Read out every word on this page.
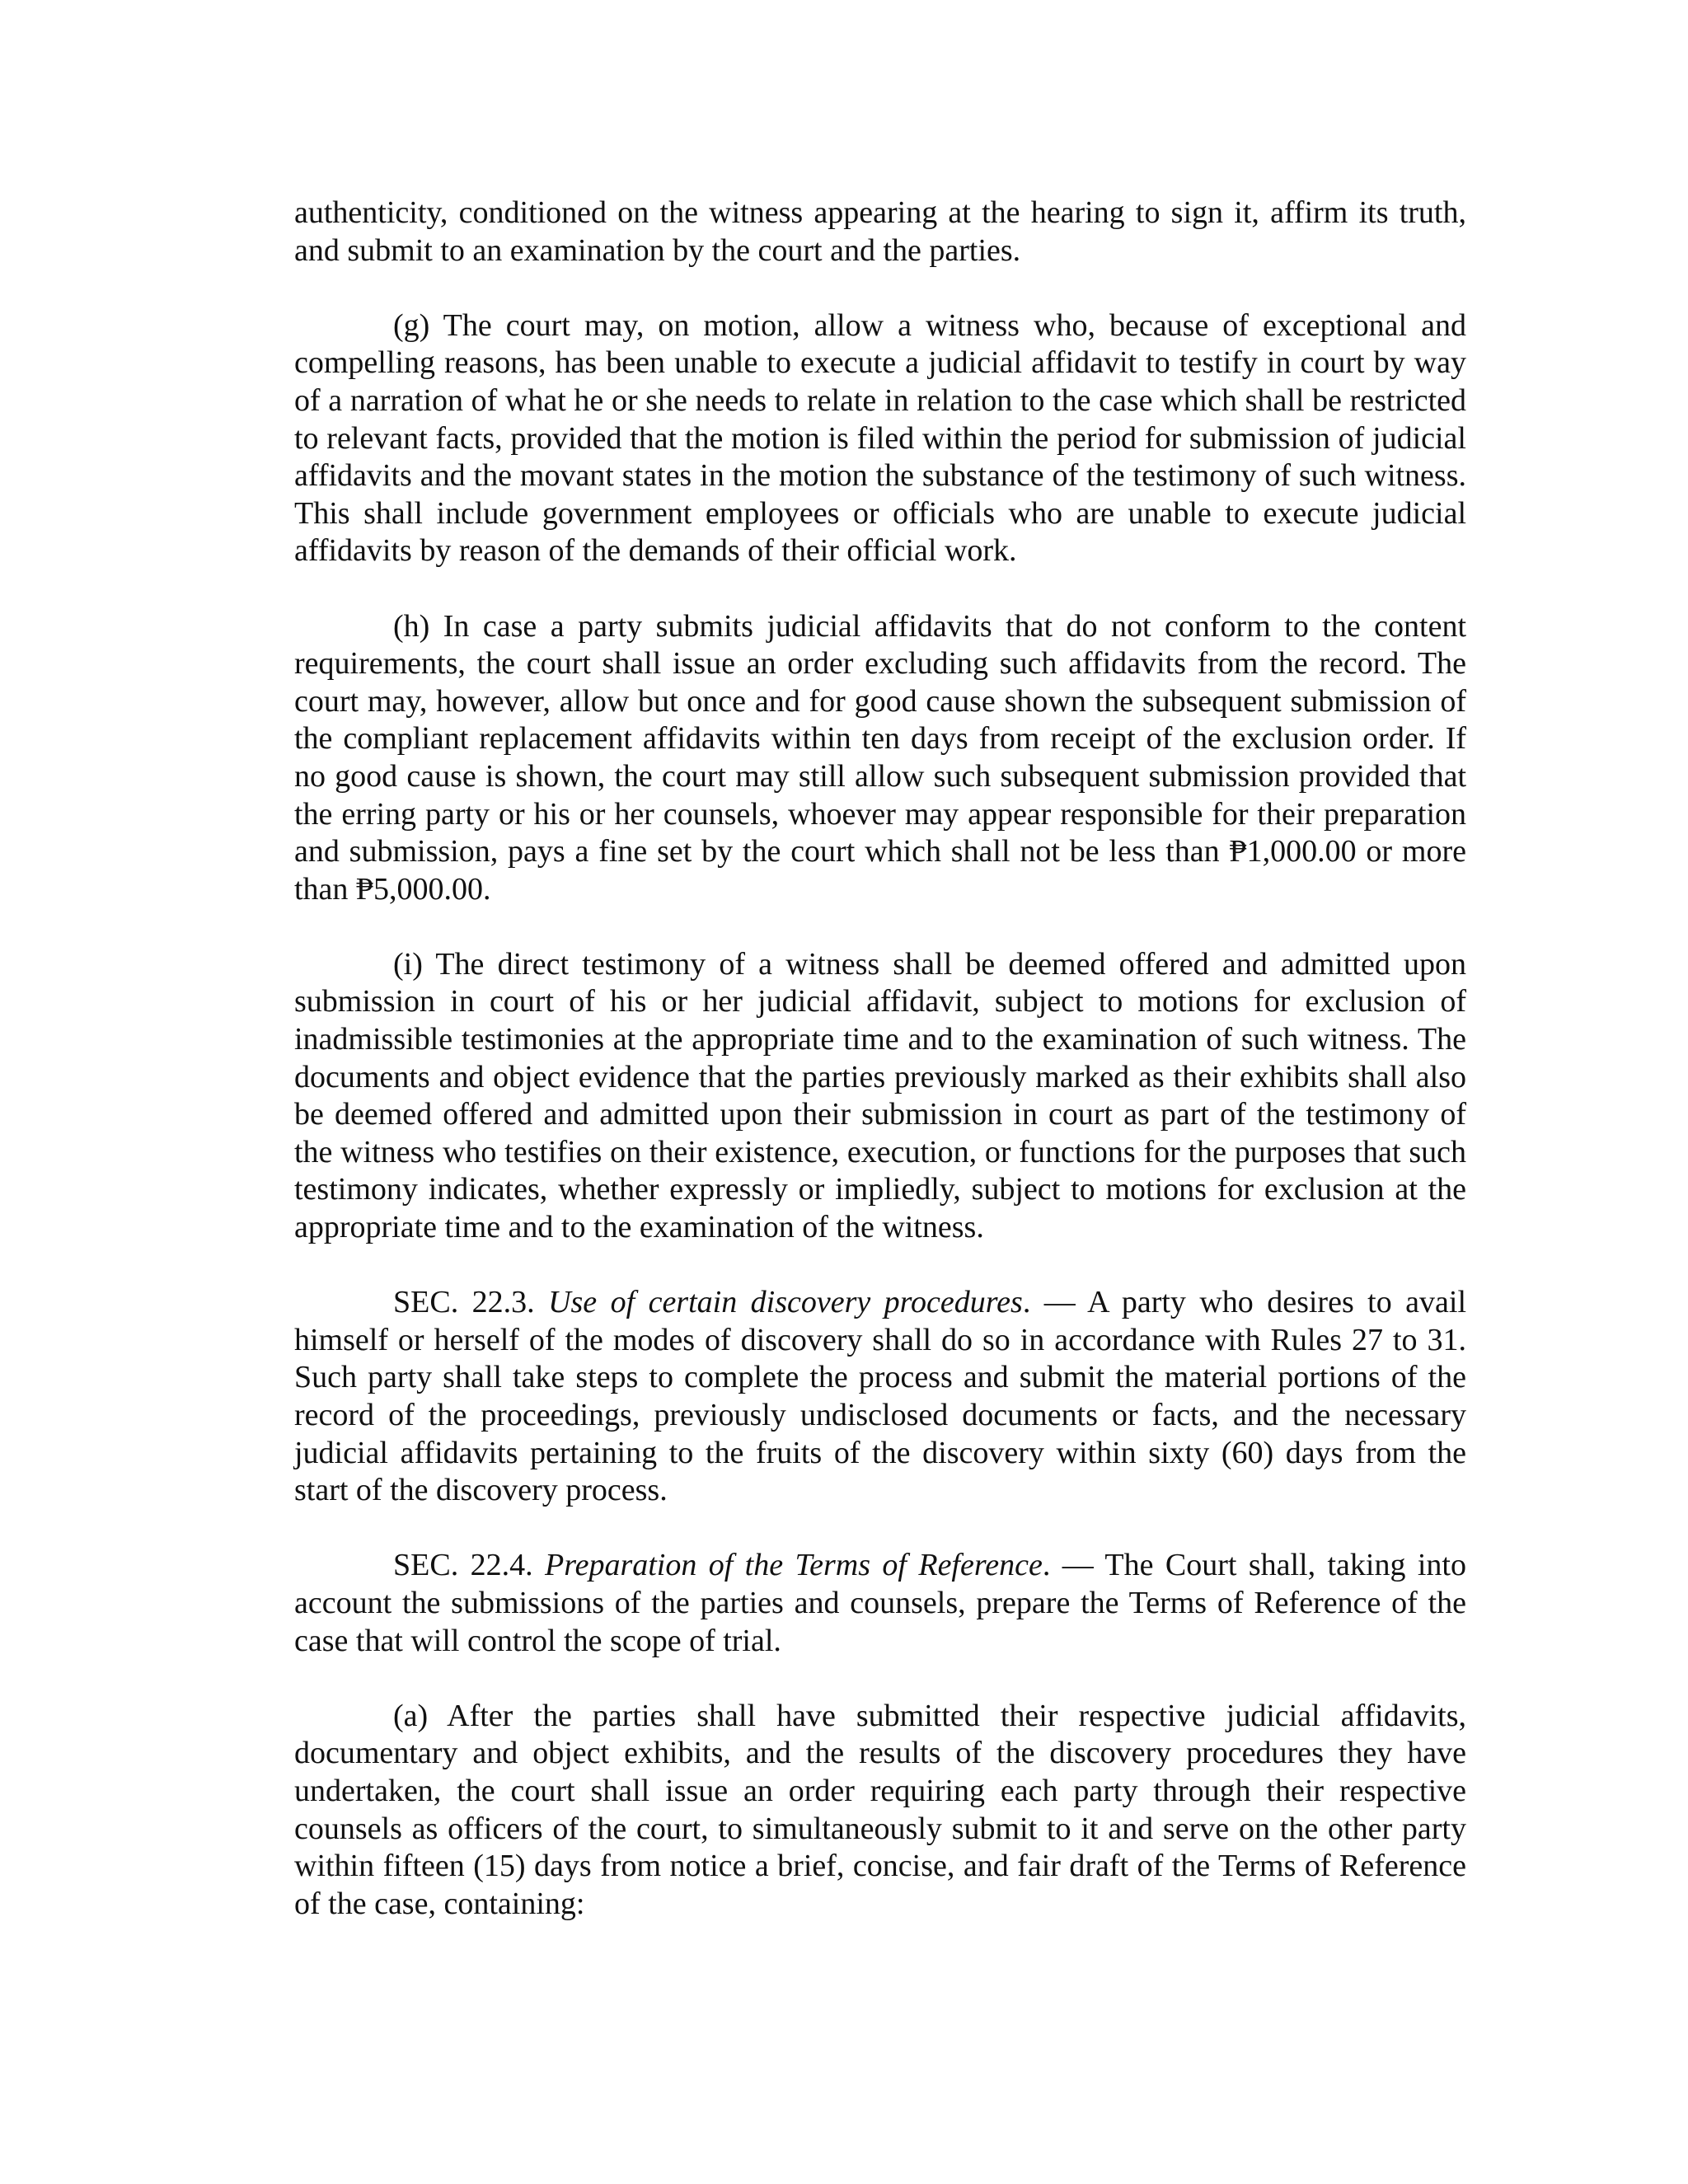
authenticity, conditioned on the witness appearing at the hearing to sign it, affirm its truth, and submit to an examination by the court and the parties.

(g) The court may, on motion, allow a witness who, because of exceptional and compelling reasons, has been unable to execute a judicial affidavit to testify in court by way of a narration of what he or she needs to relate in relation to the case which shall be restricted to relevant facts, provided that the motion is filed within the period for submission of judicial affidavits and the movant states in the motion the substance of the testimony of such witness. This shall include government employees or officials who are unable to execute judicial affidavits by reason of the demands of their official work.

(h) In case a party submits judicial affidavits that do not conform to the content requirements, the court shall issue an order excluding such affidavits from the record. The court may, however, allow but once and for good cause shown the subsequent submission of the compliant replacement affidavits within ten days from receipt of the exclusion order. If no good cause is shown, the court may still allow such subsequent submission provided that the erring party or his or her counsels, whoever may appear responsible for their preparation and submission, pays a fine set by the court which shall not be less than ₱1,000.00 or more than ₱5,000.00.

(i) The direct testimony of a witness shall be deemed offered and admitted upon submission in court of his or her judicial affidavit, subject to motions for exclusion of inadmissible testimonies at the appropriate time and to the examination of such witness. The documents and object evidence that the parties previously marked as their exhibits shall also be deemed offered and admitted upon their submission in court as part of the testimony of the witness who testifies on their existence, execution, or functions for the purposes that such testimony indicates, whether expressly or impliedly, subject to motions for exclusion at the appropriate time and to the examination of the witness.

SEC. 22.3. Use of certain discovery procedures. — A party who desires to avail himself or herself of the modes of discovery shall do so in accordance with Rules 27 to 31. Such party shall take steps to complete the process and submit the material portions of the record of the proceedings, previously undisclosed documents or facts, and the necessary judicial affidavits pertaining to the fruits of the discovery within sixty (60) days from the start of the discovery process.

SEC. 22.4. Preparation of the Terms of Reference. — The Court shall, taking into account the submissions of the parties and counsels, prepare the Terms of Reference of the case that will control the scope of trial.

(a) After the parties shall have submitted their respective judicial affidavits, documentary and object exhibits, and the results of the discovery procedures they have undertaken, the court shall issue an order requiring each party through their respective counsels as officers of the court, to simultaneously submit to it and serve on the other party within fifteen (15) days from notice a brief, concise, and fair draft of the Terms of Reference of the case, containing:
